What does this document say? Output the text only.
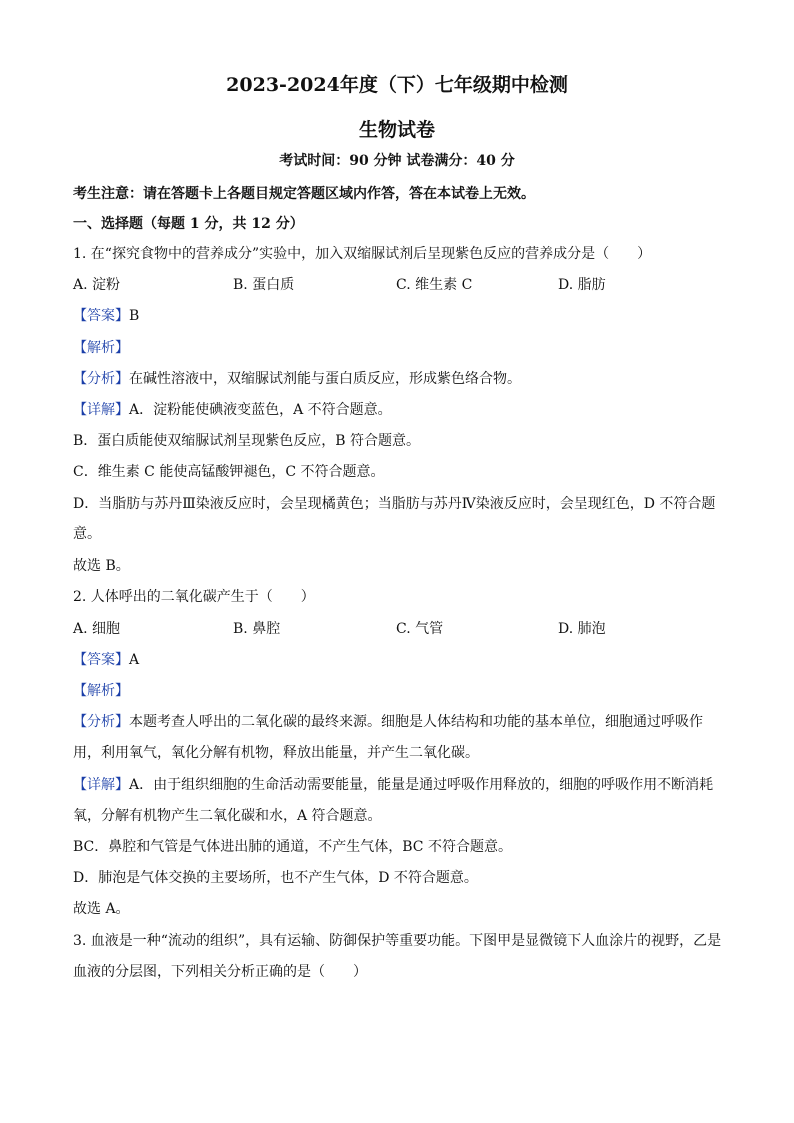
2023-2024年度（下）七年级期中检测
生物试卷
考试时间：90 分钟 试卷满分：40 分
考生注意：请在答题卡上各题目规定答题区域内作答，答在本试卷上无效。
一、选择题（每题 1 分，共 12 分）
1. 在“探究食物中的营养成分”实验中，加入双缩脲试剂后呈现紫色反应的营养成分是（　　）
A. 淀粉	B. 蛋白质	C. 维生素 C	D. 脂肪
【答案】B
【解析】
【分析】在碱性溶液中，双缩脲试剂能与蛋白质反应，形成紫色络合物。
【详解】A．淀粉能使碘液变蓝色，A 不符合题意。
B．蛋白质能使双缩脲试剂呈现紫色反应，B 符合题意。
C．维生素 C 能使高锰酸钾褪色，C 不符合题意。
D．当脂肪与苏丹Ⅲ染液反应时，会呈现橘黄色；当脂肪与苏丹Ⅳ染液反应时，会呈现红色，D 不符合题
意。
故选 B。
2. 人体呼出的二氧化碳产生于（　　）
A. 细胞	B. 鼻腔	C. 气管	D. 肺泡
【答案】A
【解析】
【分析】本题考查人呼出的二氧化碳的最终来源。细胞是人体结构和功能的基本单位，细胞通过呼吸作
用，利用氧气，氧化分解有机物，释放出能量，并产生二氧化碳。
【详解】A．由于组织细胞的生命活动需要能量，能量是通过呼吸作用释放的，细胞的呼吸作用不断消耗
氧，分解有机物产生二氧化碳和水，A 符合题意。
BC．鼻腔和气管是气体进出肺的通道，不产生气体，BC 不符合题意。
D．肺泡是气体交换的主要场所，也不产生气体，D 不符合题意。
故选 A。
3. 血液是一种“流动的组织”，具有运输、防御保护等重要功能。下图甲是显微镜下人血涂片的视野，乙是
血液的分层图，下列相关分析正确的是（　　）
